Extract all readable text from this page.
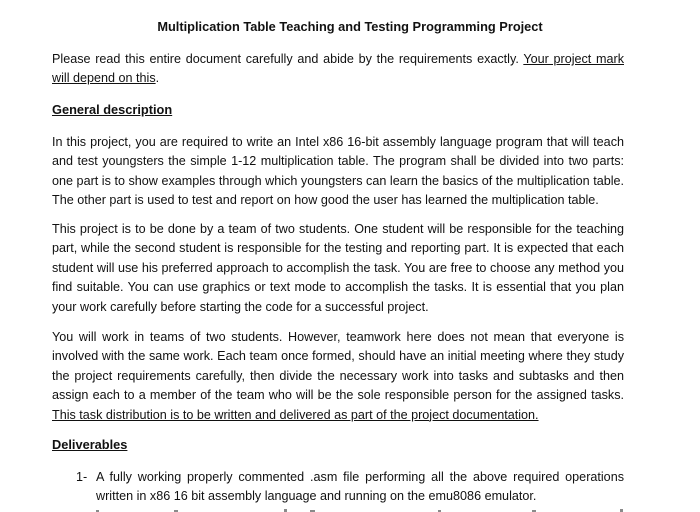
Multiplication Table Teaching and Testing Programming Project
Please read this entire document carefully and abide by the requirements exactly. Your project mark will depend on this.
General description
In this project, you are required to write an Intel x86 16-bit assembly language program that will teach and test youngsters the simple 1-12 multiplication table. The program shall be divided into two parts: one part is to show examples through which youngsters can learn the basics of the multiplication table. The other part is used to test and report on how good the user has learned the multiplication table.
This project is to be done by a team of two students. One student will be responsible for the teaching part, while the second student is responsible for the testing and reporting part. It is expected that each student will use his preferred approach to accomplish the task. You are free to choose any method you find suitable. You can use graphics or text mode to accomplish the tasks. It is essential that you plan your work carefully before starting the code for a successful project.
You will work in teams of two students. However, teamwork here does not mean that everyone is involved with the same work. Each team once formed, should have an initial meeting where they study the project requirements carefully, then divide the necessary work into tasks and subtasks and then assign each to a member of the team who will be the sole responsible person for the assigned tasks. This task distribution is to be written and delivered as part of the project documentation.
Deliverables
1- A fully working properly commented .asm file performing all the above required operations written in x86 16 bit assembly language and running on the emu8086 emulator.
